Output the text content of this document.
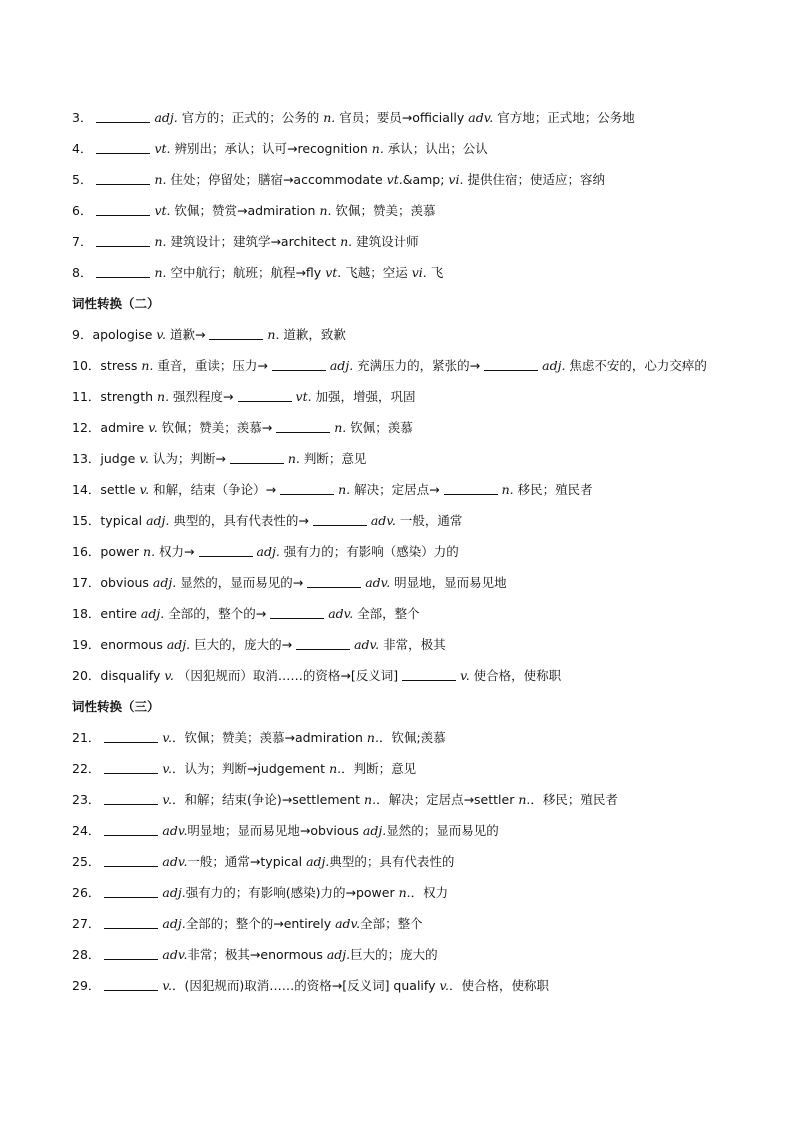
3．	adj. 官方的；正式的；公务的 n. 官员；要员→officially adv. 官方地；正式地；公务地
4．	vt. 辨别出；承认；认可→recognition n. 承认；认出；公认
5．	n. 住处；停留处；膳宿→accommodate vt.&amp; vi. 提供住宿；使适应；容纳
6．	vt. 钦佩；赞赏→admiration n. 钦佩；赞美；羡慕
7．	n. 建筑设计；建筑学→architect n. 建筑设计师
8．	n. 空中航行；航班；航程→fly vt. 飞越；空运 vi. 飞
词性转换（二）
9．apologise v. 道歉→	n. 道歉，致歉
10．stress n. 重音，重读；压力→	adj. 充满压力的，紧张的→	adj. 焦虑不安的，心力交瘁的
11．strength n. 强烈程度→	vt. 加强，增强，巩固
12．admire v. 钦佩；赞美；羡慕→	n. 钦佩；羡慕
13．judge v. 认为；判断→	n. 判断；意见
14．settle v. 和解，结束（争论）→	n. 解决；定居点→	n. 移民；殖民者
15．typical adj. 典型的，具有代表性的→	adv. 一般，通常
16．power n. 权力→	adj. 强有力的；有影响（感染）力的
17．obvious adj. 显然的，显而易见的→	adv. 明显地，显而易见地
18．entire adj. 全部的，整个的→	adv. 全部，整个
19．enormous adj. 巨大的，庞大的→	adv. 非常，极其
20．disqualify v. （因犯规而）取消……的资格→[反义词]	v. 使合格，使称职
词性转换（三）
21．	v.．钦佩；赞美；羡慕→admiration n.．钦佩;羡慕
22．	v.．认为；判断→judgement n.．判断；意见
23．	v.．和解；结束(争论)→settlement n.．解决；定居点→settler n.．移民；殖民者
24．	adv.明显地；显而易见地→obvious adj.显然的；显而易见的
25．	adv.一般；通常→typical adj.典型的；具有代表性的
26．	adj.强有力的；有影响(感染)力的→power n.．权力
27．	adj.全部的；整个的→entirely adv.全部；整个
28．	adv.非常；极其→enormous adj.巨大的；庞大的
29．	v.．(因犯规而)取消……的资格→[反义词] qualify v.．使合格，使称职
